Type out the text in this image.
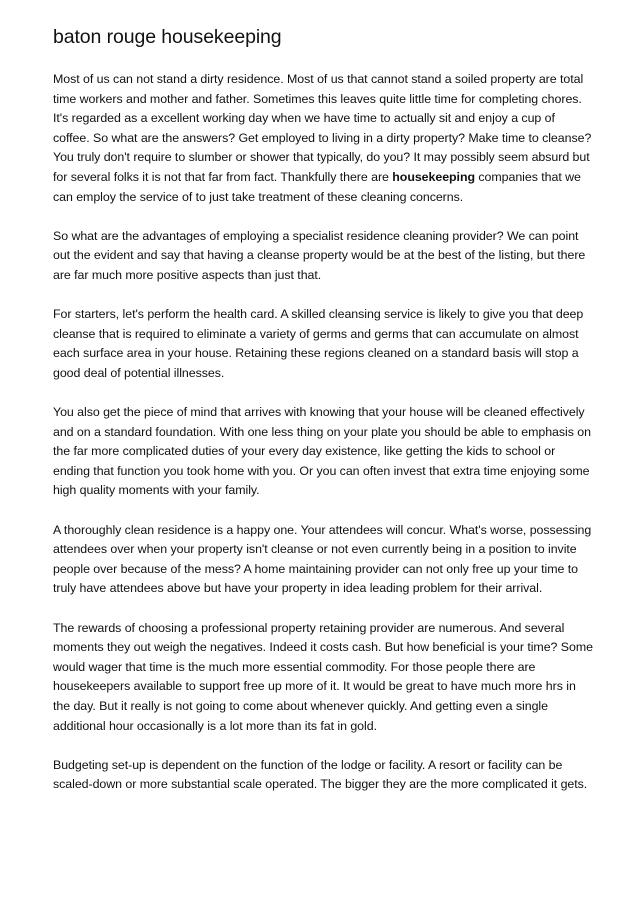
baton rouge housekeeping

Most of us can not stand a dirty residence. Most of us that cannot stand a soiled property are total time workers and mother and father. Sometimes this leaves quite little time for completing chores. It's regarded as a excellent working day when we have time to actually sit and enjoy a cup of coffee. So what are the answers? Get employed to living in a dirty property? Make time to cleanse? You truly don't require to slumber or shower that typically, do you? It may possibly seem absurd but for several folks it is not that far from fact. Thankfully there are housekeeping companies that we can employ the service of to just take treatment of these cleaning concerns.

So what are the advantages of employing a specialist residence cleaning provider? We can point out the evident and say that having a cleanse property would be at the best of the listing, but there are far much more positive aspects than just that.

For starters, let's perform the health card. A skilled cleansing service is likely to give you that deep cleanse that is required to eliminate a variety of germs and germs that can accumulate on almost each surface area in your house. Retaining these regions cleaned on a standard basis will stop a good deal of potential illnesses.

You also get the piece of mind that arrives with knowing that your house will be cleaned effectively and on a standard foundation. With one less thing on your plate you should be able to emphasis on the far more complicated duties of your every day existence, like getting the kids to school or ending that function you took home with you. Or you can often invest that extra time enjoying some high quality moments with your family.

A thoroughly clean residence is a happy one. Your attendees will concur. What's worse, possessing attendees over when your property isn't cleanse or not even currently being in a position to invite people over because of the mess? A home maintaining provider can not only free up your time to truly have attendees above but have your property in idea leading problem for their arrival.

The rewards of choosing a professional property retaining provider are numerous. And several moments they out weigh the negatives. Indeed it costs cash. But how beneficial is your time? Some would wager that time is the much more essential commodity. For those people there are housekeepers available to support free up more of it. It would be great to have much more hrs in the day. But it really is not going to come about whenever quickly. And getting even a single additional hour occasionally is a lot more than its fat in gold.

Budgeting set-up is dependent on the function of the lodge or facility. A resort or facility can be scaled-down or more substantial scale operated. The bigger they are the more complicated it gets.
